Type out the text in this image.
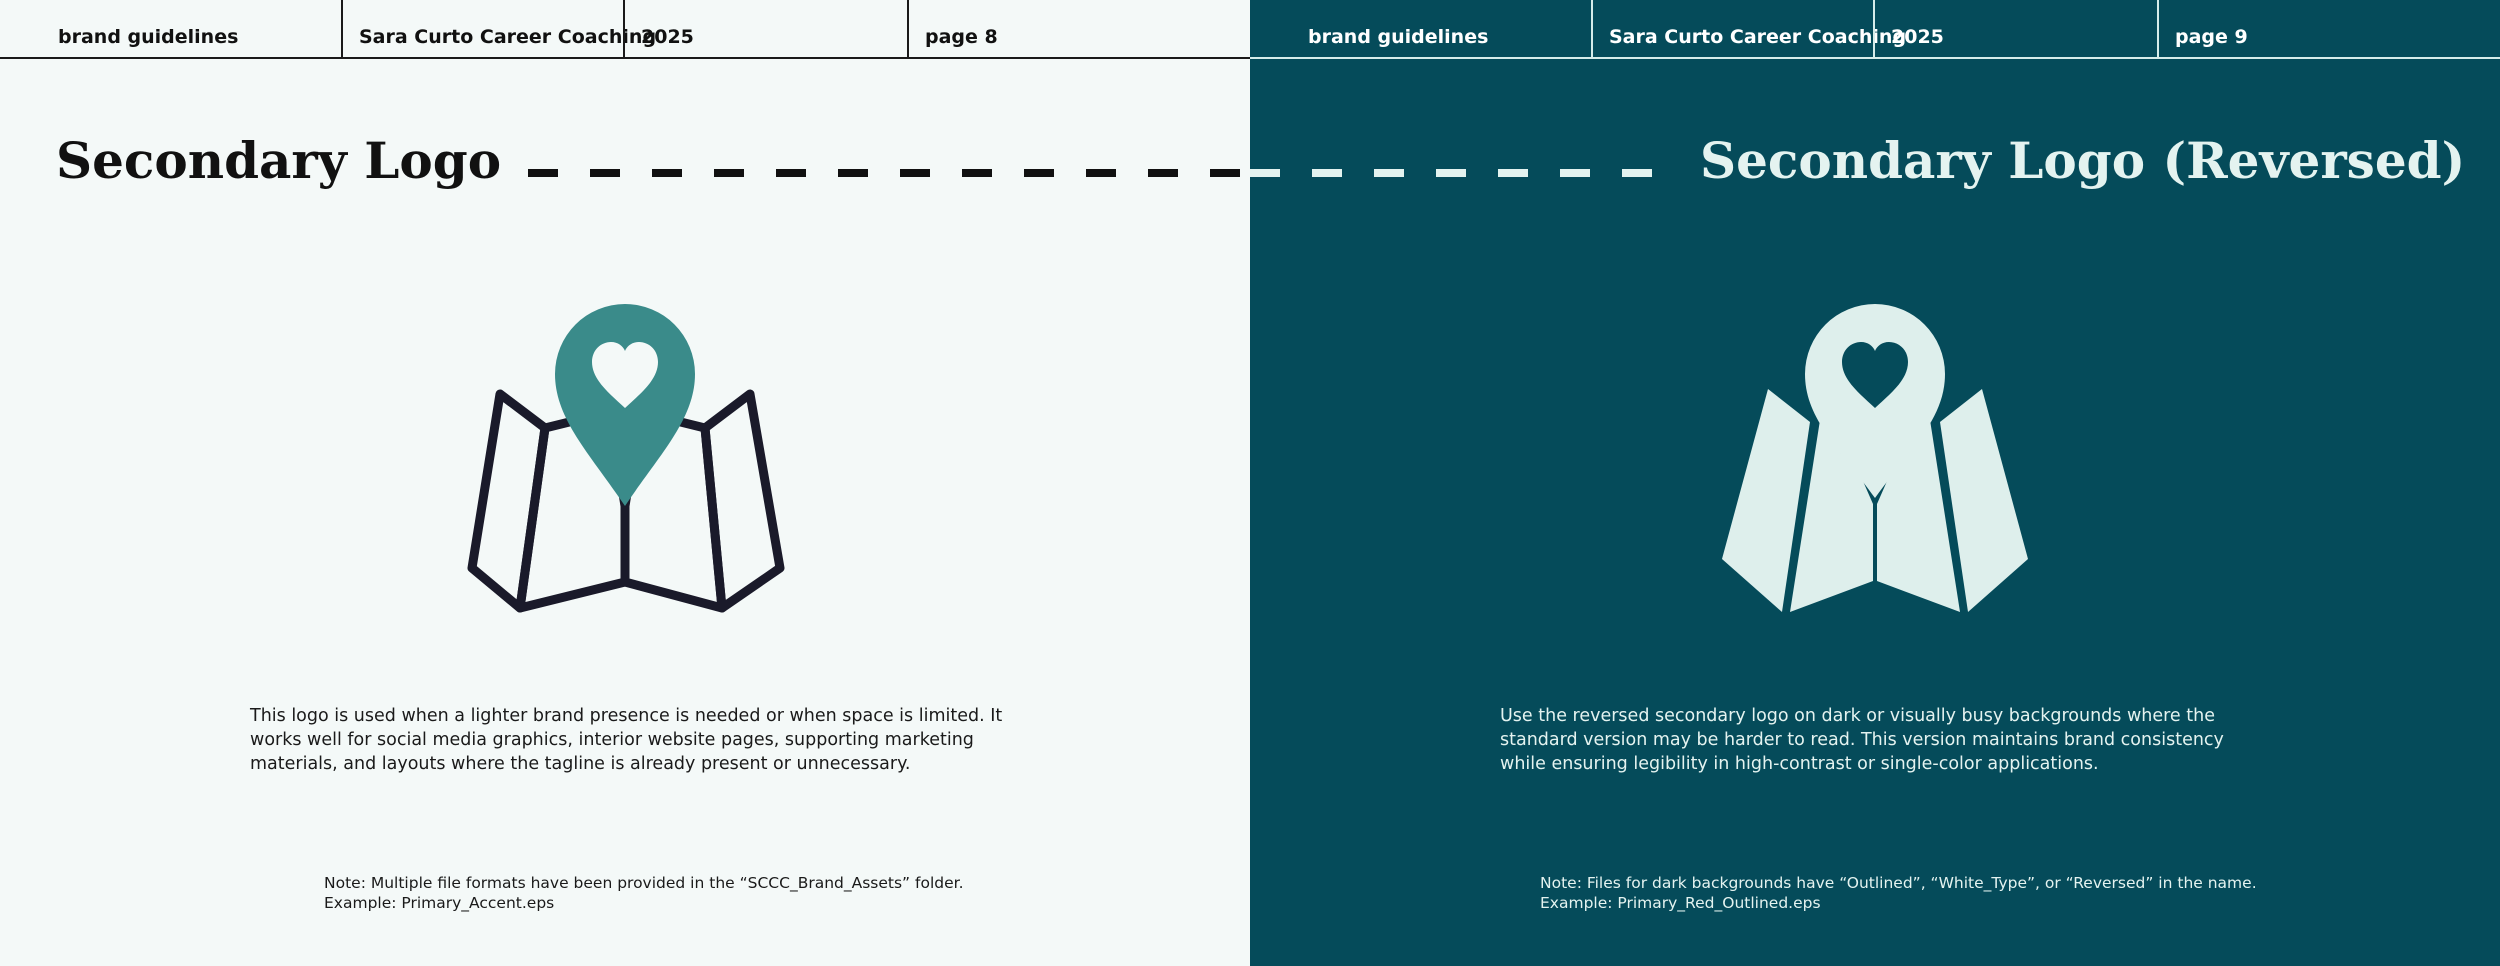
brand guidelines	Sara Curto Career Coaching
2025	page 8
Secondary Logo

This logo is used when a lighter brand presence is needed or when space is limited. It works well for social media graphics, interior website pages, supporting marketing materials, and layouts where the tagline is already present or unnecessary.

Note: Multiple file formats have been provided in the “SCCC_Brand_Assets” folder.
Example: Primary_Accent.eps
brand guidelines	Sara Curto Career Coaching
2025	page 9
Secondary Logo (Reversed)

Use the reversed secondary logo on dark or visually busy backgrounds where the standard version may be harder to read. This version maintains brand consistency while ensuring legibility in high-contrast or single-color applications.

Note: Files for dark backgrounds have “Outlined”, “White_Type”, or “Reversed” in the name.
Example: Primary_Red_Outlined.eps
